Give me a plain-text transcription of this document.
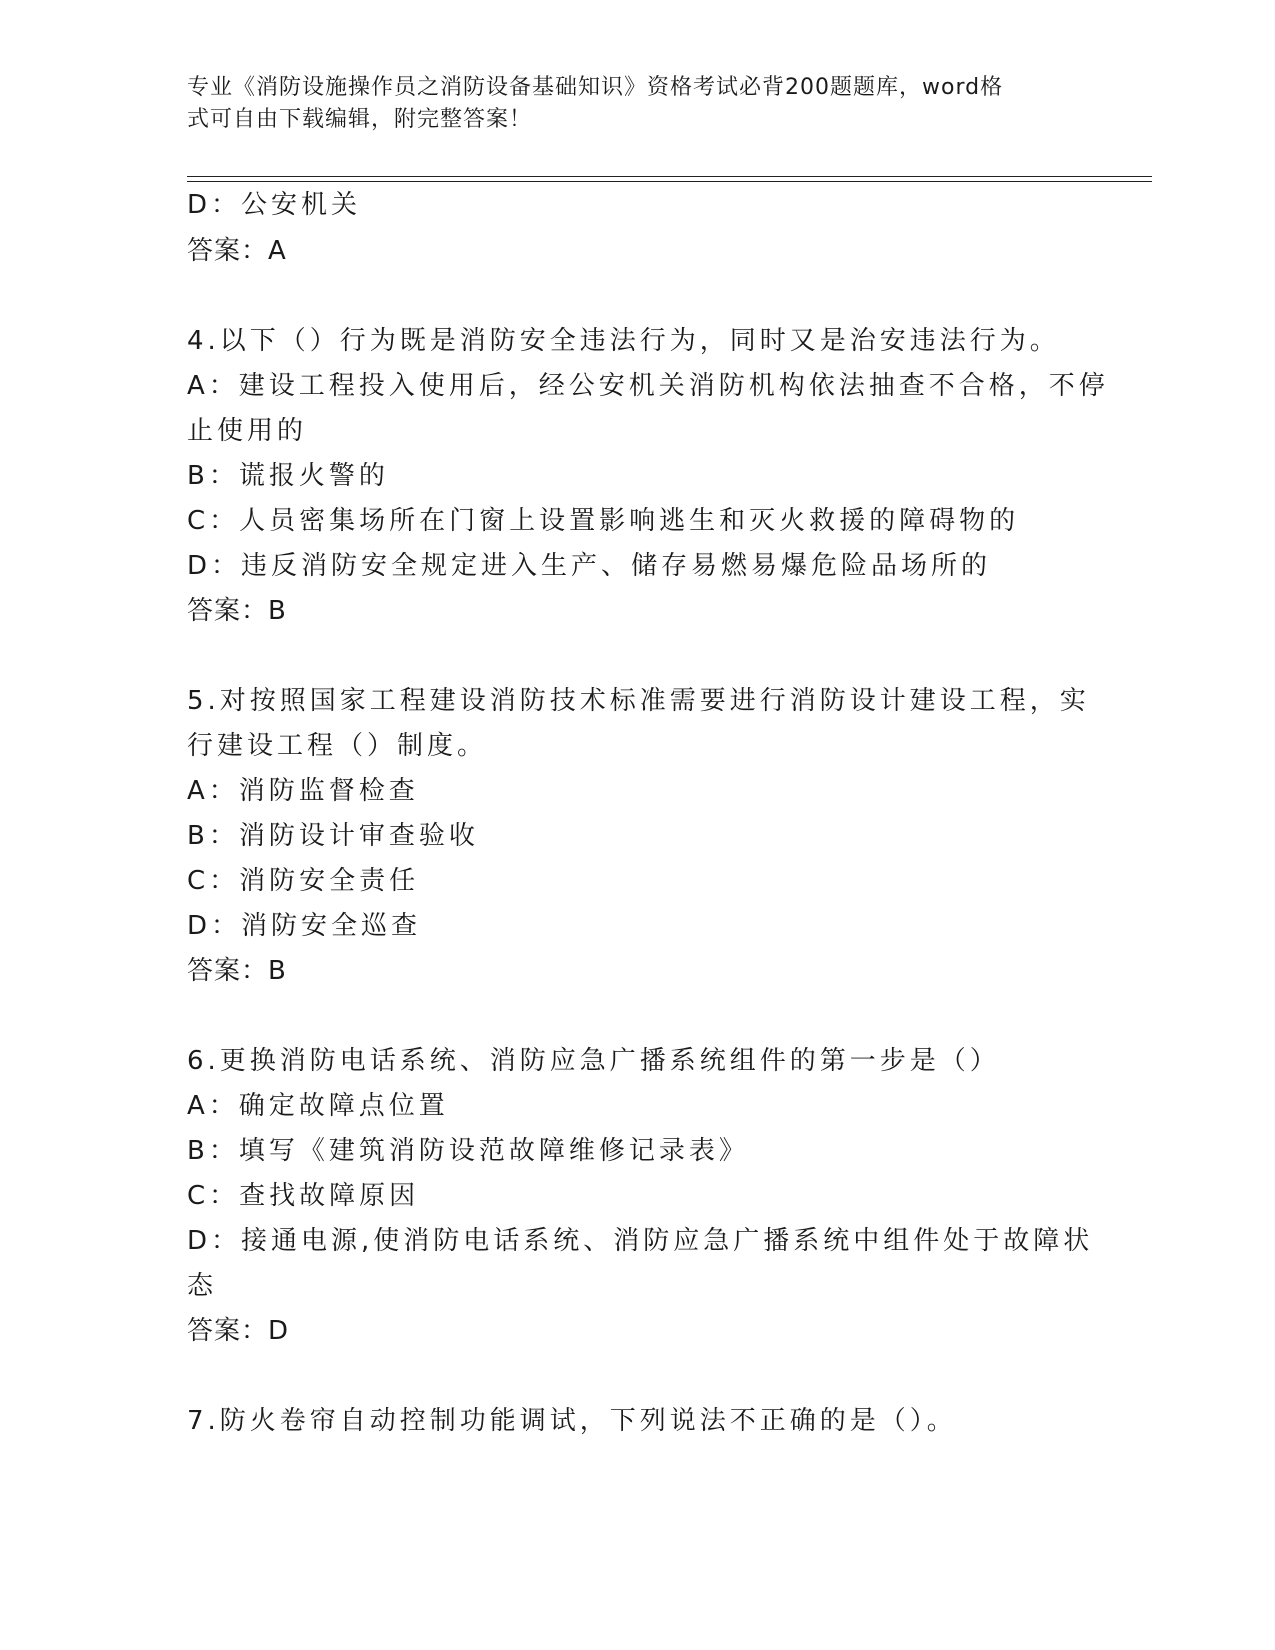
专业《消防设施操作员之消防设备基础知识》资格考试必背200题题库，word格
式可自由下载编辑，附完整答案！
D：公安机关
答案：A
4.以下（）行为既是消防安全违法行为，同时又是治安违法行为。
A：建设工程投入使用后，经公安机关消防机构依法抽查不合格，不停
止使用的
B：谎报火警的
C：人员密集场所在门窗上设置影响逃生和灭火救援的障碍物的
D：违反消防安全规定进入生产、储存易燃易爆危险品场所的
答案：B
5.对按照国家工程建设消防技术标准需要进行消防设计建设工程，实
行建设工程（）制度。
A：消防监督检查
B：消防设计审查验收
C：消防安全责任
D：消防安全巡查
答案：B
6.更换消防电话系统、消防应急广播系统组件的第一步是（）
A：确定故障点位置
B：填写《建筑消防设范故障维修记录表》
C：查找故障原因
D：接通电源,使消防电话系统、消防应急广播系统中组件处于故障状
态
答案：D
7.防火卷帘自动控制功能调试，下列说法不正确的是（）。
